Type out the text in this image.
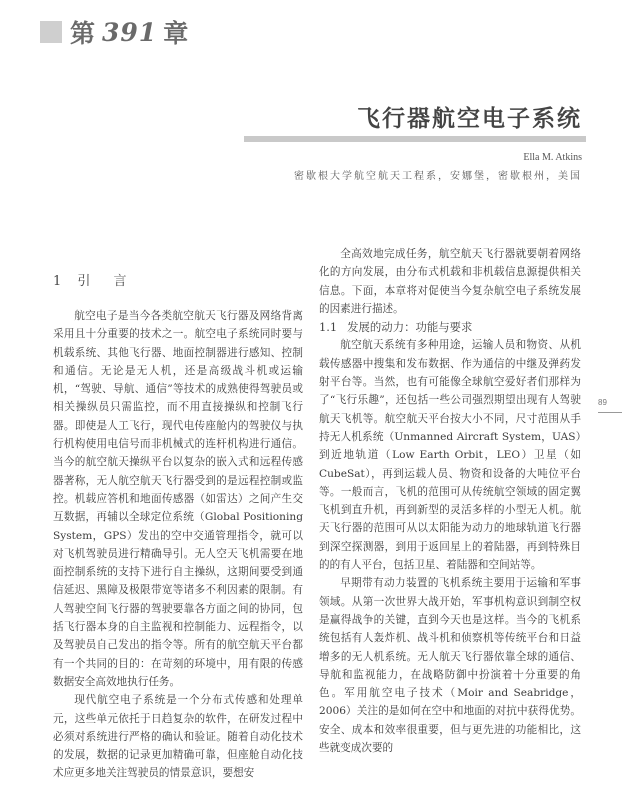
第 391 章
飞行器航空电子系统
Ella M. Atkins
密歇根大学航空航天工程系，安娜堡，密歇根州，美国
1 引 言

航空电子是当今各类航空航天飞行器及网络背离采用且十分重要的技术之一。航空电子系统同时要与机载系统、其他飞行器、地面控制器进行感知、控制和通信。无论是无人机，还是高级战斗机或运输机，“驾驶、导航、通信”等技术的成熟使得驾驶员或相关操纵员只需监控，而不用直接操纵和控制飞行器。即使是人工飞行，现代电传座舱内的驾驶仪与执行机构使用电信号而非机械式的连杆机构进行通信。当今的航空航天操纵平台以复杂的嵌入式和远程传感器著称，无人航空航天飞行器受到的是远程控制或监控。机载应答机和地面传感器（如雷达）之间产生交互数据，再辅以全球定位系统（Global Positioning System，GPS）发出的空中交通管理指令，就可以对飞机驾驶员进行精确导引。无人空天飞机需要在地面控制系统的支持下进行自主操纵，这期间要受到通信延迟、黑障及极限带宽等诸多不利因素的限制。有人驾驶空间飞行器的驾驶要靠各方面之间的协同，包括飞行器本身的自主监视和控制能力、远程指令，以及驾驶员自己发出的指令等。所有的航空航天平台都有一个共同的目的：在苛刻的环境中，用有限的传感数据安全高效地执行任务。

现代航空电子系统是一个分布式传感和处理单元，这些单元依托于日趋复杂的软件，在研发过程中必须对系统进行严格的确认和验证。随着自动化技术的发展，数据的记录更加精确可靠，但座舱自动化技术应更多地关注驾驶员的情景意识，要想安

全高效地完成任务，航空航天飞行器就要朝着网络化的方向发展，由分布式机载和非机载信息源提供相关信息。下面，本章将对促使当今复杂航空电子系统发展的因素进行描述。

1.1 发展的动力：功能与要求

航空航天系统有多种用途，运输人员和物资、从机载传感器中搜集和发布数据、作为通信的中继及弹药发射平台等。当然，也有可能像全球航空爱好者们那样为了“飞行乐趣”，还包括一些公司强烈期望出现有人驾驶航天飞机等。航空航天平台按大小不同，尺寸范围从手持无人机系统（Unmanned Aircraft System，UAS）到近地轨道（Low Earth Orbit，LEO）卫星（如CubeSat），再到运载人员、物资和设备的大吨位平台等。一般而言，飞机的范围可从传统航空领域的固定翼飞机到直升机，再到新型的灵活多样的小型无人机。航天飞行器的范围可从以太阳能为动力的地球轨道飞行器到深空探测器，到用于返回星上的着陆器，再到特殊目的的有人平台，包括卫星、着陆器和空间站等。

早期带有动力装置的飞机系统主要用于运输和军事领域。从第一次世界大战开始，军事机构意识到制空权是赢得战争的关键，直到今天也是这样。当今的飞机系统包括有人轰炸机、战斗机和侦察机等传统平台和日益增多的无人机系统。无人航天飞行器依靠全球的通信、导航和监视能力，在战略防御中扮演着十分重要的角色。军用航空电子技术（Moir and Seabridge，2006）关注的是如何在空中和地面的对抗中获得优势。安全、成本和效率很重要，但与更先进的功能相比，这些就变成次要的

89
